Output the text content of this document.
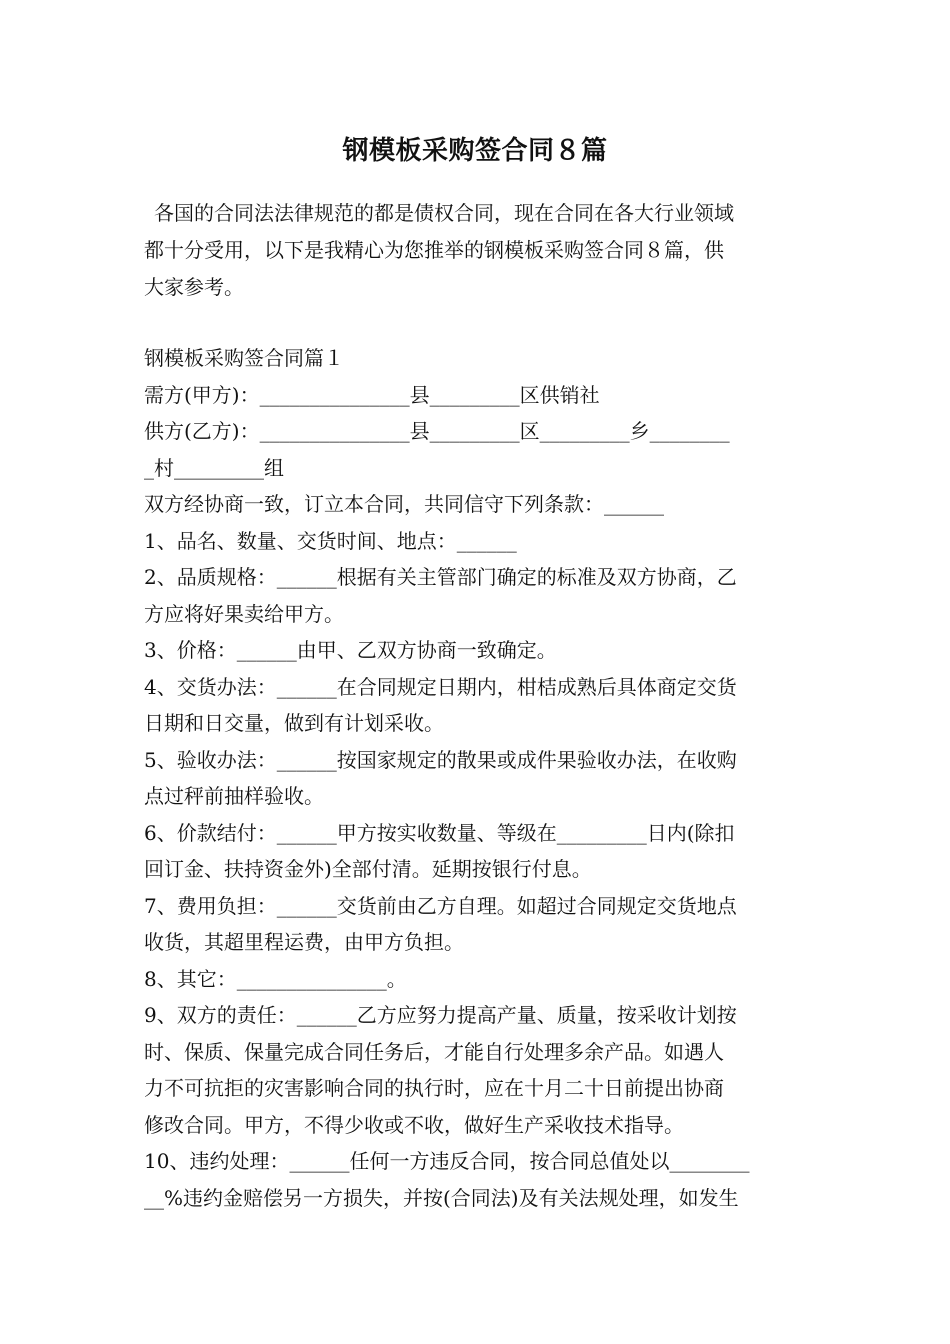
钢模板采购签合同８篇
各国的合同法法律规范的都是债权合同，现在合同在各大行业领域
都十分受用，以下是我精心为您推举的钢模板采购签合同８篇，供
大家参考。
钢模板采购签合同篇１
需方(甲方)：_______________县_________区供销社
供方(乙方)：_______________县_________区_________乡________
_村_________组
双方经协商一致，订立本合同，共同信守下列条款：______
1、品名、数量、交货时间、地点：______
2、品质规格：______根据有关主管部门确定的标准及双方协商，乙
方应将好果卖给甲方。
3、价格：______由甲、乙双方协商一致确定。
4、交货办法：______在合同规定日期内，柑桔成熟后具体商定交货
日期和日交量，做到有计划采收。
5、验收办法：______按国家规定的散果或成件果验收办法，在收购
点过秤前抽样验收。
6、价款结付：______甲方按实收数量、等级在_________日内(除扣
回订金、扶持资金外)全部付清。延期按银行付息。
7、费用负担：______交货前由乙方自理。如超过合同规定交货地点
收货，其超里程运费，由甲方负担。
8、其它：_______________。
9、双方的责任：______乙方应努力提高产量、质量，按采收计划按
时、保质、保量完成合同任务后，才能自行处理多余产品。如遇人
力不可抗拒的灾害影响合同的执行时，应在十月二十日前提出协商
修改合同。甲方，不得少收或不收，做好生产采收技术指导。
10、违约处理：______任何一方违反合同，按合同总值处以________
__%违约金赔偿另一方损失，并按(合同法)及有关法规处理，如发生
